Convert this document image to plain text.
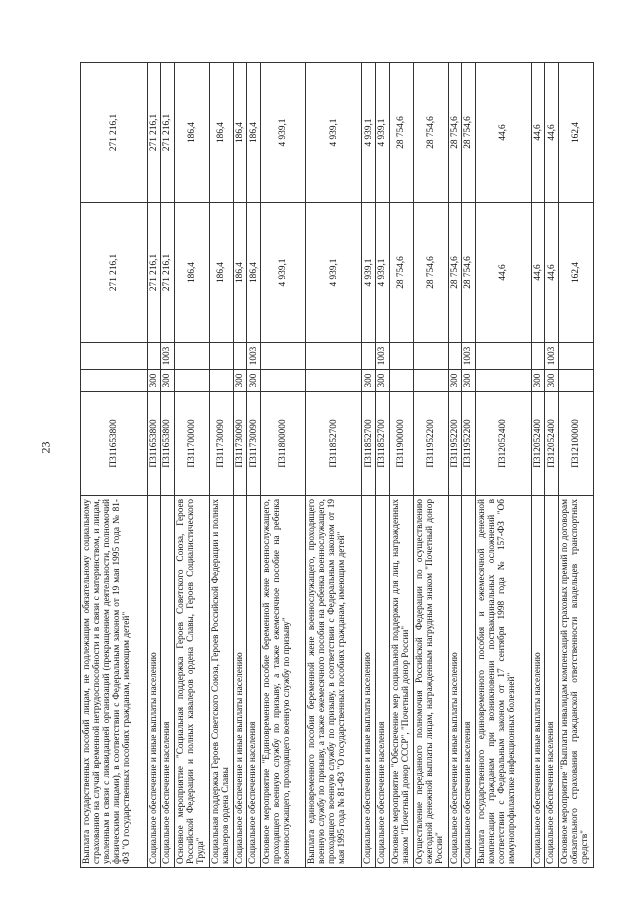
23
Выплата государственных пособий лицам, не подлежащим обязательному социальному страхованию на случай временной нетрудоспособности и в связи с материнством, и лицам, уволенным в связи с ликвидацией организаций (прекращением деятельности, полномочий физическими лицами), в соответствии с Федеральным законом от 19 мая 1995 года № 81-ФЗ "О государственных пособиях гражданам, имеющим детей"	П311653800			271 216,1	271 216,1
Социальное обеспечение и иные выплаты населению	П311653800	300		271 216,1	271 216,1
Социальное обеспечение населения	П311653800	300	1003	271 216,1	271 216,1
Основное мероприятие "Социальная поддержка Героев Советского Союза, Героев Российской Федерации и полных кавалеров ордена Славы, Героев Социалистического Труда"	П311700000			186,4	186,4
Социальная поддержка Героев Советского Союза, Героев Российской Федерации и полных кавалеров ордена Славы	П311730090			186,4	186,4
Социальное обеспечение и иные выплаты населению	П311730090	300		186,4	186,4
Социальное обеспечение населения	П311730090	300	1003	186,4	186,4
Основное мероприятие "Единовременное пособие беременной жене военнослужащего, проходящего военную службу по призыву, а также ежемесячное пособие на ребенка военнослужащего, проходящего военную службу по призыву"	П311800000			4 939,1	4 939,1
Выплата единовременного пособия беременной жене военнослужащего, проходящего военную службу по призыву, а также ежемесячного пособия на ребенка военнослужащего, проходящего военную службу по призыву, в соответствии с Федеральным законом от 19 мая 1995 года № 81-ФЗ "О государственных пособиях гражданам, имеющим детей"	П311852700			4 939,1	4 939,1
Социальное обеспечение и иные выплаты населению	П311852700	300		4 939,1	4 939,1
Социальное обеспечение населения	П311852700	300	1003	4 939,1	4 939,1
Основное мероприятие "Обеспечение мер социальной поддержки для лиц, награжденных знаком "Почетный донор СССР", "Почетный донор России"	П311900000			28 754,6	28 754,6
Осуществление переданного полномочия Российской Федерации по осуществлению ежегодной денежной выплаты лицам, награжденным нагрудным знаком "Почетный донор России"	П311952200			28 754,6	28 754,6
Социальное обеспечение и иные выплаты населению	П311952200	300		28 754,6	28 754,6
Социальное обеспечение населения	П311952200	300	1003	28 754,6	28 754,6
Выплата государственного единовременного пособия и ежемесячной денежной компенсации гражданам при возникновении поствакцинальных осложнений в соответствии с Федеральным законом от 17 сентября 1998 года № 157-ФЗ "Об иммунопрофилактике инфекционных болезней"	П312052400			44,6	44,6
Социальное обеспечение и иные выплаты населению	П312052400	300		44,6	44,6
Социальное обеспечение населения	П312052400	300	1003	44,6	44,6
Основное мероприятие "Выплаты инвалидам компенсаций страховых премий по договорам обязательного страхования гражданской ответственности владельцев транспортных средств"	П312100000			162,4	162,4
